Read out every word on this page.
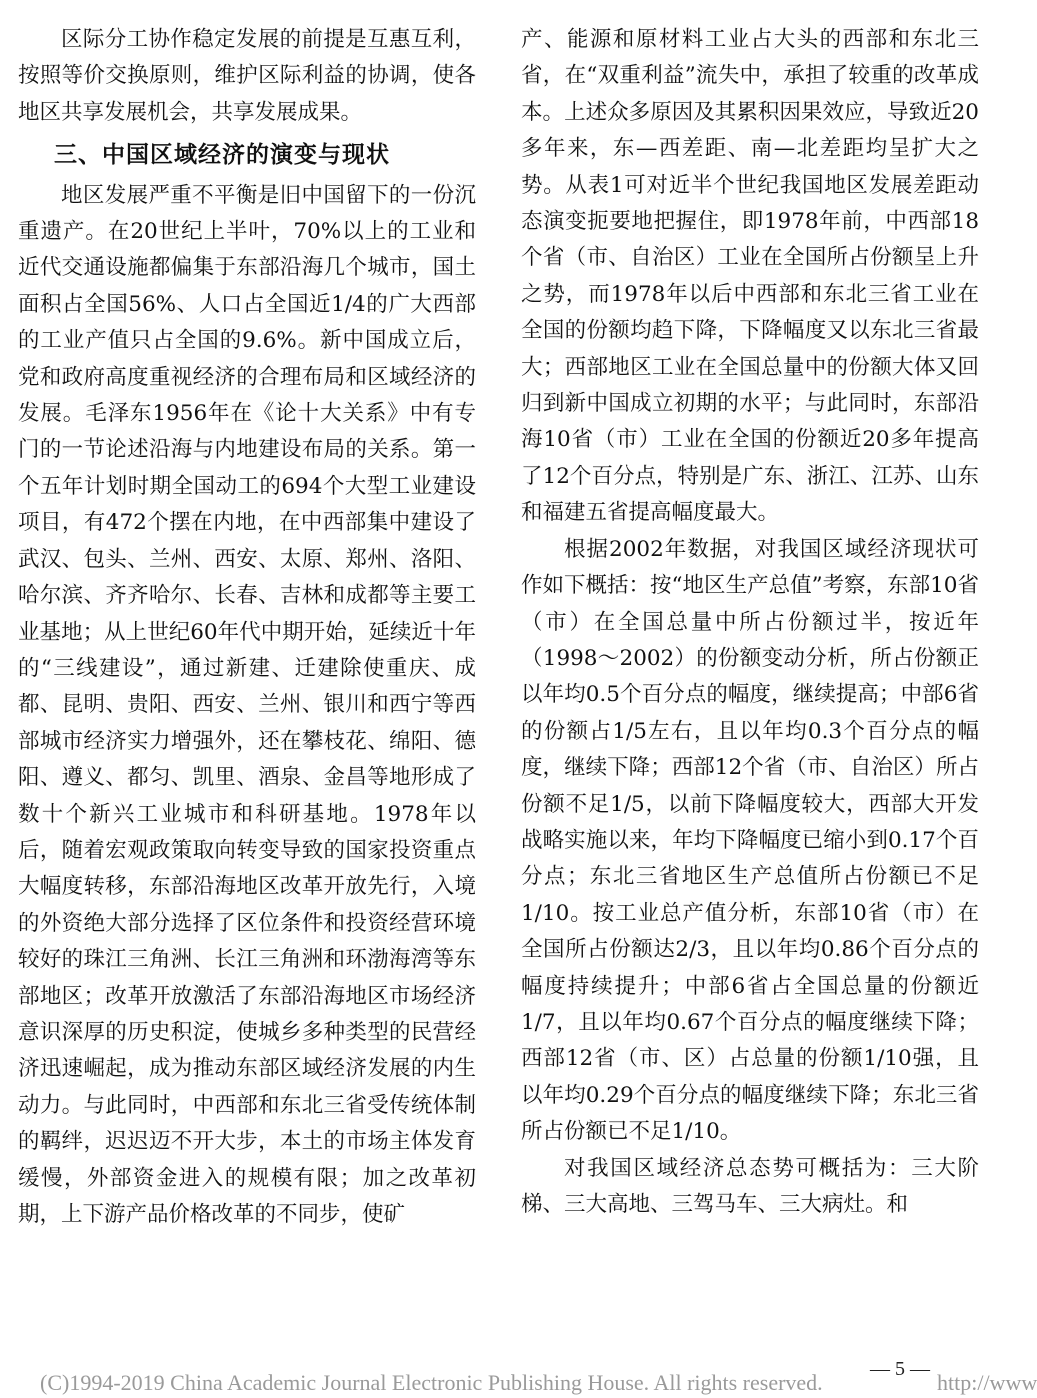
区际分工协作稳定发展的前提是互惠互利，按照等价交换原则，维护区际利益的协调，使各地区共享发展机会，共享发展成果。

三、中国区域经济的演变与现状

地区发展严重不平衡是旧中国留下的一份沉重遗产。在20世纪上半叶，70%以上的工业和近代交通设施都偏集于东部沿海几个城市，国土面积占全国56%、人口占全国近1/4的广大西部的工业产值只占全国的9.6%。新中国成立后，党和政府高度重视经济的合理布局和区域经济的发展。毛泽东1956年在《论十大关系》中有专门的一节论述沿海与内地建设布局的关系。第一个五年计划时期全国动工的694个大型工业建设项目，有472个摆在内地，在中西部集中建设了武汉、包头、兰州、西安、太原、郑州、洛阳、哈尔滨、齐齐哈尔、长春、吉林和成都等主要工业基地；从上世纪60年代中期开始，延续近十年的“三线建设”，通过新建、迁建除使重庆、成都、昆明、贵阳、西安、兰州、银川和西宁等西部城市经济实力增强外，还在攀枝花、绵阳、德阳、遵义、都匀、凯里、酒泉、金昌等地形成了数十个新兴工业城市和科研基地。1978年以后，随着宏观政策取向转变导致的国家投资重点大幅度转移，东部沿海地区改革开放先行，入境的外资绝大部分选择了区位条件和投资经营环境较好的珠江三角洲、长江三角洲和环渤海湾等东部地区；改革开放激活了东部沿海地区市场经济意识深厚的历史积淀，使城乡多种类型的民营经济迅速崛起，成为推动东部区域经济发展的内生动力。与此同时，中西部和东北三省受传统体制的羁绊，迟迟迈不开大步，本土的市场主体发育缓慢，外部资金进入的规模有限；加之改革初期，上下游产品价格改革的不同步，使矿

产、能源和原材料工业占大头的西部和东北三省，在“双重利益”流失中，承担了较重的改革成本。上述众多原因及其累积因果效应，导致近20多年来，东—西差距、南—北差距均呈扩大之势。从表1可对近半个世纪我国地区发展差距动态演变扼要地把握住，即1978年前，中西部18个省（市、自治区）工业在全国所占份额呈上升之势，而1978年以后中西部和东北三省工业在全国的份额均趋下降，下降幅度又以东北三省最大；西部地区工业在全国总量中的份额大体又回归到新中国成立初期的水平；与此同时，东部沿海10省（市）工业在全国的份额近20多年提高了12个百分点，特别是广东、浙江、江苏、山东和福建五省提高幅度最大。

根据2002年数据，对我国区域经济现状可作如下概括：按“地区生产总值”考察，东部10省（市）在全国总量中所占份额过半，按近年（1998～2002）的份额变动分析，所占份额正以年均0.5个百分点的幅度，继续提高；中部6省的份额占1/5左右，且以年均0.3个百分点的幅度，继续下降；西部12个省（市、自治区）所占份额不足1/5，以前下降幅度较大，西部大开发战略实施以来，年均下降幅度已缩小到0.17个百分点；东北三省地区生产总值所占份额已不足1/10。按工业总产值分析，东部10省（市）在全国所占份额达2/3，且以年均0.86个百分点的幅度持续提升；中部6省占全国总量的份额近1/7，且以年均0.67个百分点的幅度继续下降；西部12省（市、区）占总量的份额1/10强，且以年均0.29个百分点的幅度继续下降；东北三省所占份额已不足1/10。

对我国区域经济总态势可概括为：三大阶梯、三大高地、三驾马车、三大病灶。和

— 5 —
(C)1994-2019 China Academic Journal Electronic Publishing House. All rights reserved.	http://www
